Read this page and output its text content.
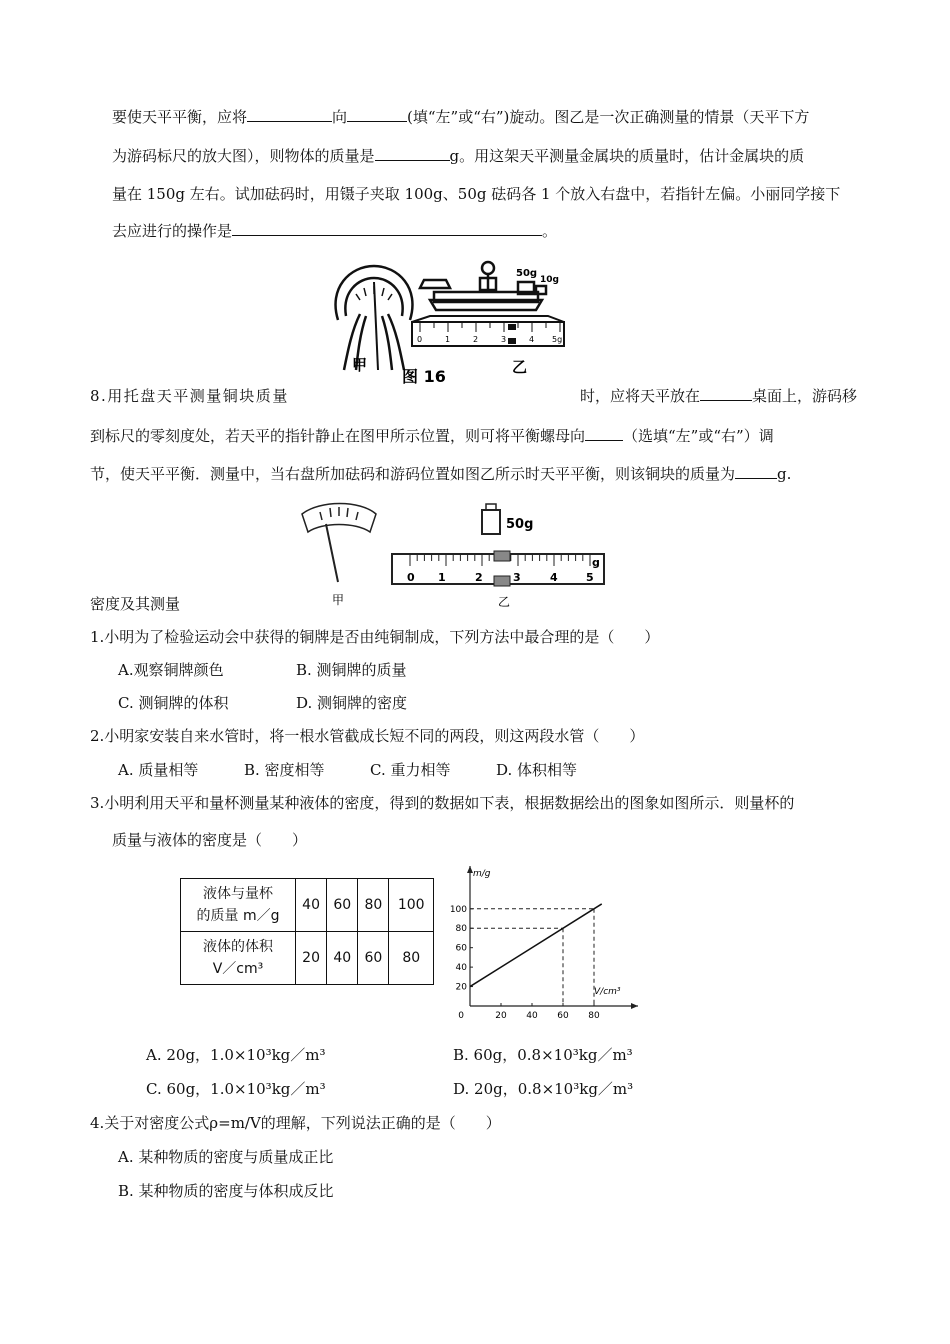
要使天平平衡，应将	向	(填“左”或“右”)旋动。图乙是一次正确测量的情景（天平下方
为游码标尺的放大图），则物体的质量是	g。用这架天平测量金属块的质量时，估计金属块的质
量在 150g 左右。试加砝码时，用镊子夹取 100g、50g 砝码各 1 个放入右盘中，若指针左偏。小丽同学接下
去应进行的操作是	。
50g
10g
0	1	2	3	4 5g
甲
图 16	乙
8.用托盘天平测量铜块质量	时，应将天平放在	桌面上，游码移
到标尺的零刻度处，若天平的指针静止在图甲所示位置，则可将平衡螺母向	（选填“左”或“右”）调
节，使天平平衡．测量中，当右盘所加砝码和游码位置如图乙所示时天平平衡，则该铜块的质量为	g.
50g
0 1	2	3	4	5
g
甲	乙
密度及其测量
1.小明为了检验运动会中获得的铜牌是否由纯铜制成，下列方法中最合理的是（　　）
A.观察铜牌颜色	B. 测铜牌的质量
C. 测铜牌的体积	D. 测铜牌的密度
2.小明家安装自来水管时，将一根水管截成长短不同的两段，则这两段水管（　　）
A. 质量相等	B. 密度相等	C. 重力相等	D. 体积相等
3.小明利用天平和量杯测量某种液体的密度，得到的数据如下表，根据数据绘出的图象如图所示．则量杯的
质量与液体的密度是（　　）
液体与量杯
的质量 m／g	40	60	80	100

液体的体积
V／cm³	20	40	60	80
20 40 60 80
20
40
60
80
100
0
m/g
V/cm³
A. 20g，1.0×10³kg／m³	B. 60g，0.8×10³kg／m³
C. 60g，1.0×10³kg／m³	D. 20g，0.8×10³kg／m³
4.关于对密度公式ρ=m/V的理解，下列说法正确的是（　　）
A. 某种物质的密度与质量成正比
B. 某种物质的密度与体积成反比
